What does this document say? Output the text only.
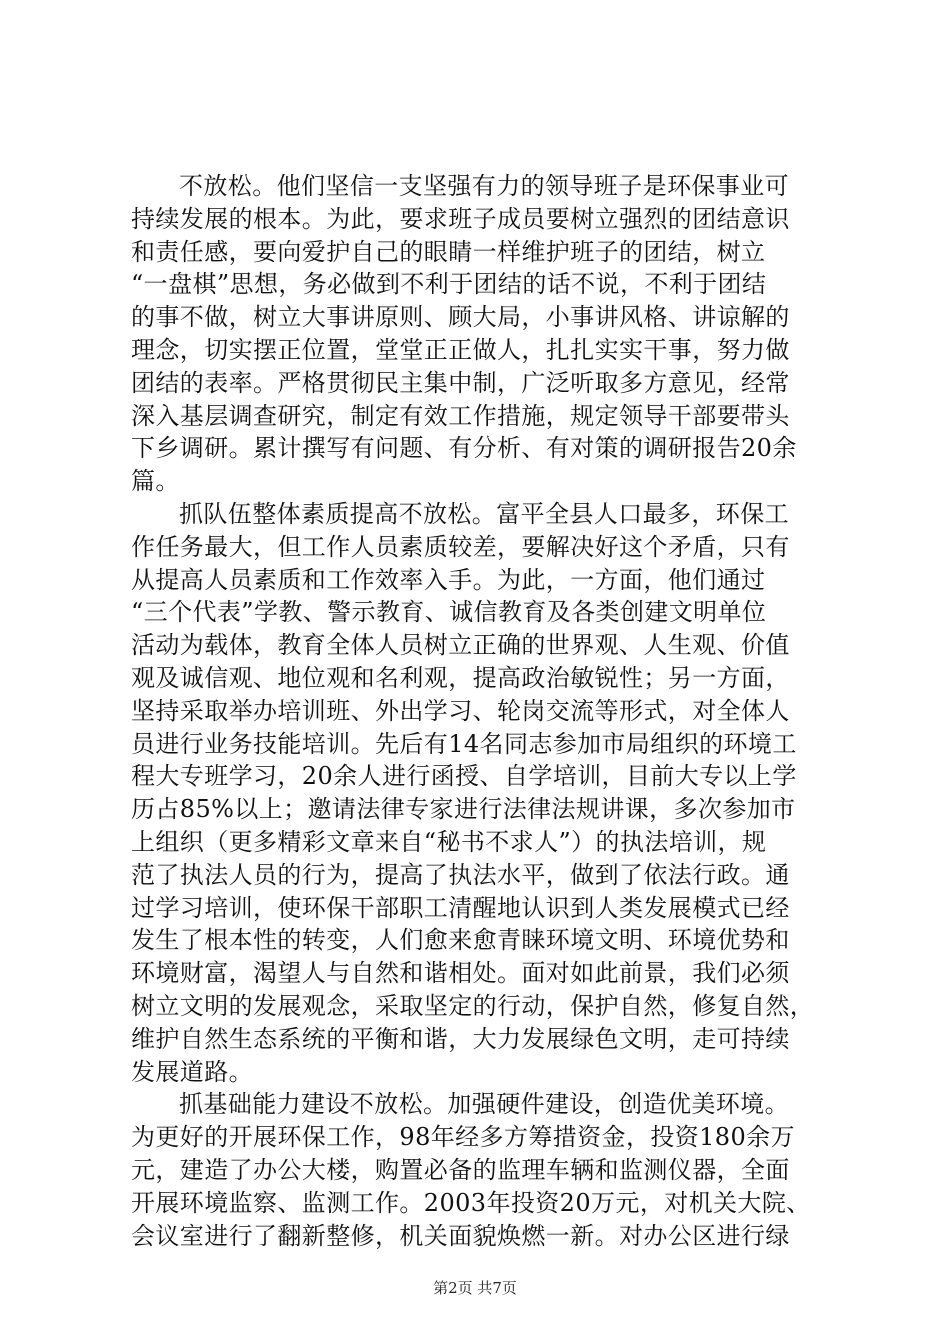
不放松。他们坚信一支坚强有力的领导班子是环保事业可
持续发展的根本。为此，要求班子成员要树立强烈的团结意识
和责任感，要向爱护自己的眼睛一样维护班子的团结，树立
“一盘棋”思想，务必做到不利于团结的话不说，不利于团结
的事不做，树立大事讲原则、顾大局，小事讲风格、讲谅解的
理念，切实摆正位置，堂堂正正做人，扎扎实实干事，努力做
团结的表率。严格贯彻民主集中制，广泛听取多方意见，经常
深入基层调查研究，制定有效工作措施，规定领导干部要带头
下乡调研。累计撰写有问题、有分析、有对策的调研报告20余
篇。
抓队伍整体素质提高不放松。富平全县人口最多，环保工
作任务最大，但工作人员素质较差，要解决好这个矛盾，只有
从提高人员素质和工作效率入手。为此，一方面，他们通过
“三个代表”学教、警示教育、诚信教育及各类创建文明单位
活动为载体，教育全体人员树立正确的世界观、人生观、价值
观及诚信观、地位观和名利观，提高政治敏锐性；另一方面，
坚持采取举办培训班、外出学习、轮岗交流等形式，对全体人
员进行业务技能培训。先后有14名同志参加市局组织的环境工
程大专班学习，20余人进行函授、自学培训，目前大专以上学
历占85%以上；邀请法律专家进行法律法规讲课，多次参加市
上组织（更多精彩文章来自“秘书不求人”）的执法培训，规
范了执法人员的行为，提高了执法水平，做到了依法行政。通
过学习培训，使环保干部职工清醒地认识到人类发展模式已经
发生了根本性的转变，人们愈来愈青睐环境文明、环境优势和
环境财富，渴望人与自然和谐相处。面对如此前景，我们必须
树立文明的发展观念，采取坚定的行动，保护自然，修复自然，
维护自然生态系统的平衡和谐，大力发展绿色文明，走可持续
发展道路。
抓基础能力建设不放松。加强硬件建设，创造优美环境。
为更好的开展环保工作，98年经多方筹措资金，投资180余万
元，建造了办公大楼，购置必备的监理车辆和监测仪器，全面
开展环境监察、监测工作。2003年投资20万元，对机关大院、
会议室进行了翻新整修，机关面貌焕燃一新。对办公区进行绿
第2页 共7页
